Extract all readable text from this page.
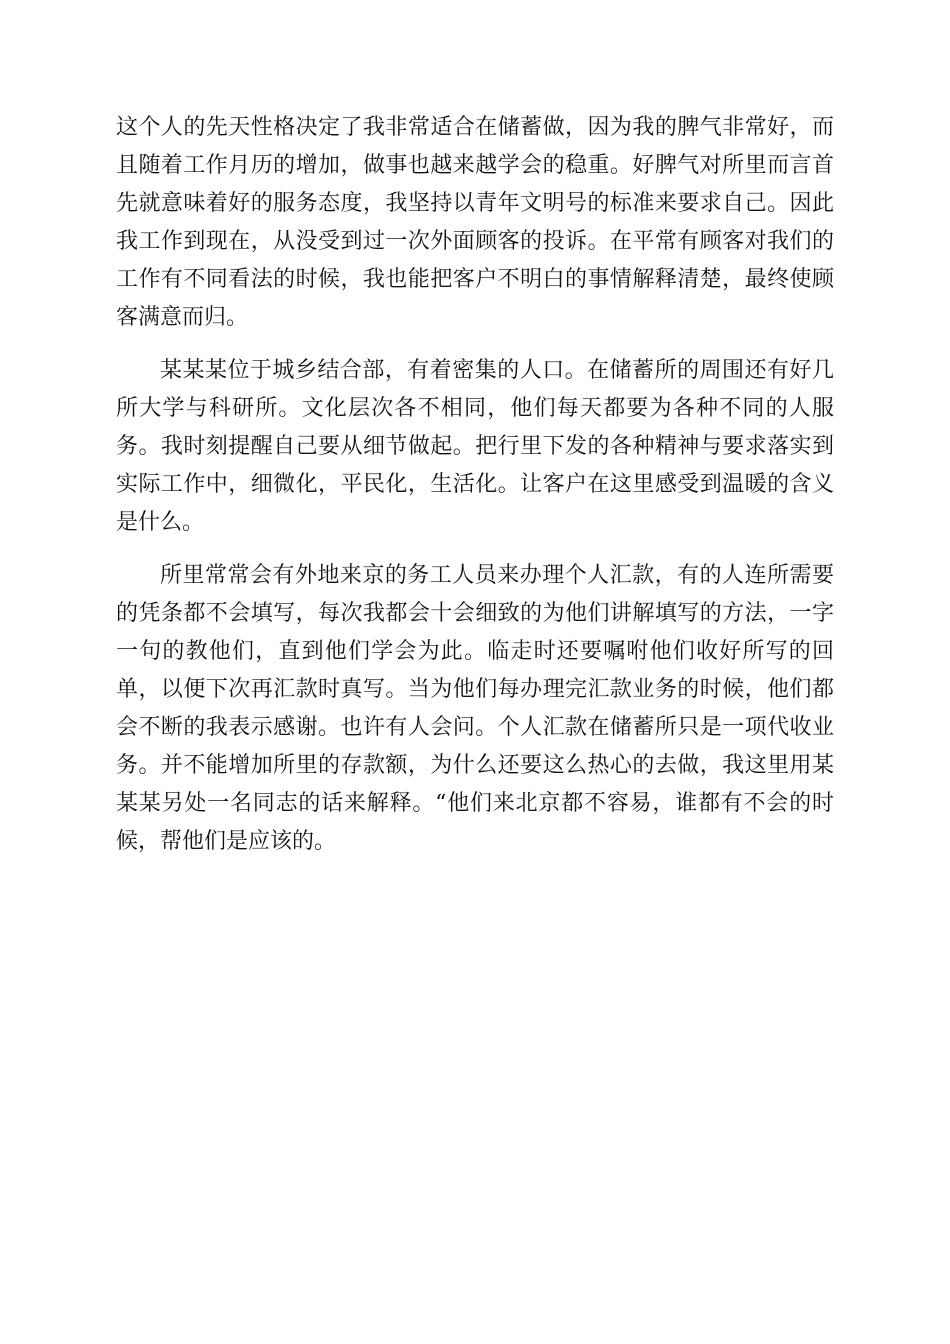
这个人的先天性格决定了我非常适合在储蓄做，因为我的脾气非常好，而
且随着工作月历的增加，做事也越来越学会的稳重。好脾气对所里而言首
先就意味着好的服务态度，我坚持以青年文明号的标准来要求自己。因此
我工作到现在，从没受到过一次外面顾客的投诉。在平常有顾客对我们的
工作有不同看法的时候，我也能把客户不明白的事情解释清楚，最终使顾
客满意而归。
某某某位于城乡结合部，有着密集的人口。在储蓄所的周围还有好几
所大学与科研所。文化层次各不相同，他们每天都要为各种不同的人服
务。我时刻提醒自己要从细节做起。把行里下发的各种精神与要求落实到
实际工作中，细微化，平民化，生活化。让客户在这里感受到温暖的含义
是什么。
所里常常会有外地来京的务工人员来办理个人汇款，有的人连所需要
的凭条都不会填写，每次我都会十会细致的为他们讲解填写的方法，一字
一句的教他们，直到他们学会为此。临走时还要嘱咐他们收好所写的回
单，以便下次再汇款时真写。当为他们每办理完汇款业务的时候，他们都
会不断的我表示感谢。也许有人会问。个人汇款在储蓄所只是一项代收业
务。并不能增加所里的存款额，为什么还要这么热心的去做，我这里用某
某某另处一名同志的话来解释。“他们来北京都不容易，谁都有不会的时
候，帮他们是应该的。
